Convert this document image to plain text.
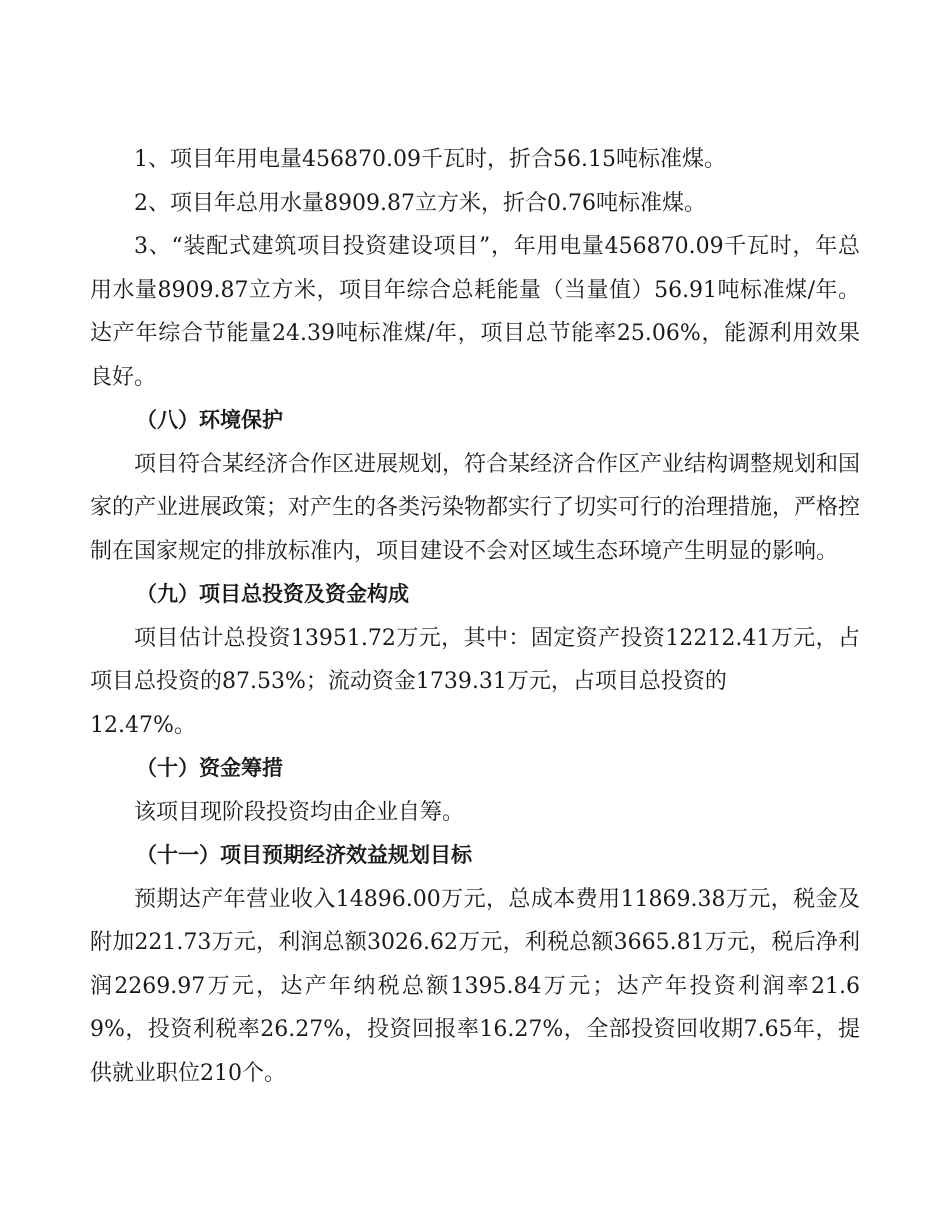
1、项目年用电量456870.09千瓦时，折合56.15吨标准煤。

2、项目年总用水量8909.87立方米，折合0.76吨标准煤。

3、“装配式建筑项目投资建设项目”，年用电量456870.09千瓦时，年总用水量8909.87立方米，项目年综合总耗能量（当量值）56.91吨标准煤/年。达产年综合节能量24.39吨标准煤/年，项目总节能率25.06%，能源利用效果良好。

（八）环境保护

项目符合某经济合作区进展规划，符合某经济合作区产业结构调整规划和国家的产业进展政策；对产生的各类污染物都实行了切实可行的治理措施，严格控制在国家规定的排放标准内，项目建设不会对区域生态环境产生明显的影响。

（九）项目总投资及资金构成

项目估计总投资13951.72万元，其中：固定资产投资12212.41万元，占项目总投资的87.53%；流动资金1739.31万元，占项目总投资的

12.47%。

（十）资金筹措

该项目现阶段投资均由企业自筹。

（十一）项目预期经济效益规划目标

预期达产年营业收入14896.00万元，总成本费用11869.38万元，税金及附加221.73万元，利润总额3026.62万元，利税总额3665.81万元，税后净利润2269.97万元，达产年纳税总额1395.84万元；达产年投资利润率21.69%，投资利税率26.27%，投资回报率16.27%，全部投资回收期7.65年，提供就业职位210个。
